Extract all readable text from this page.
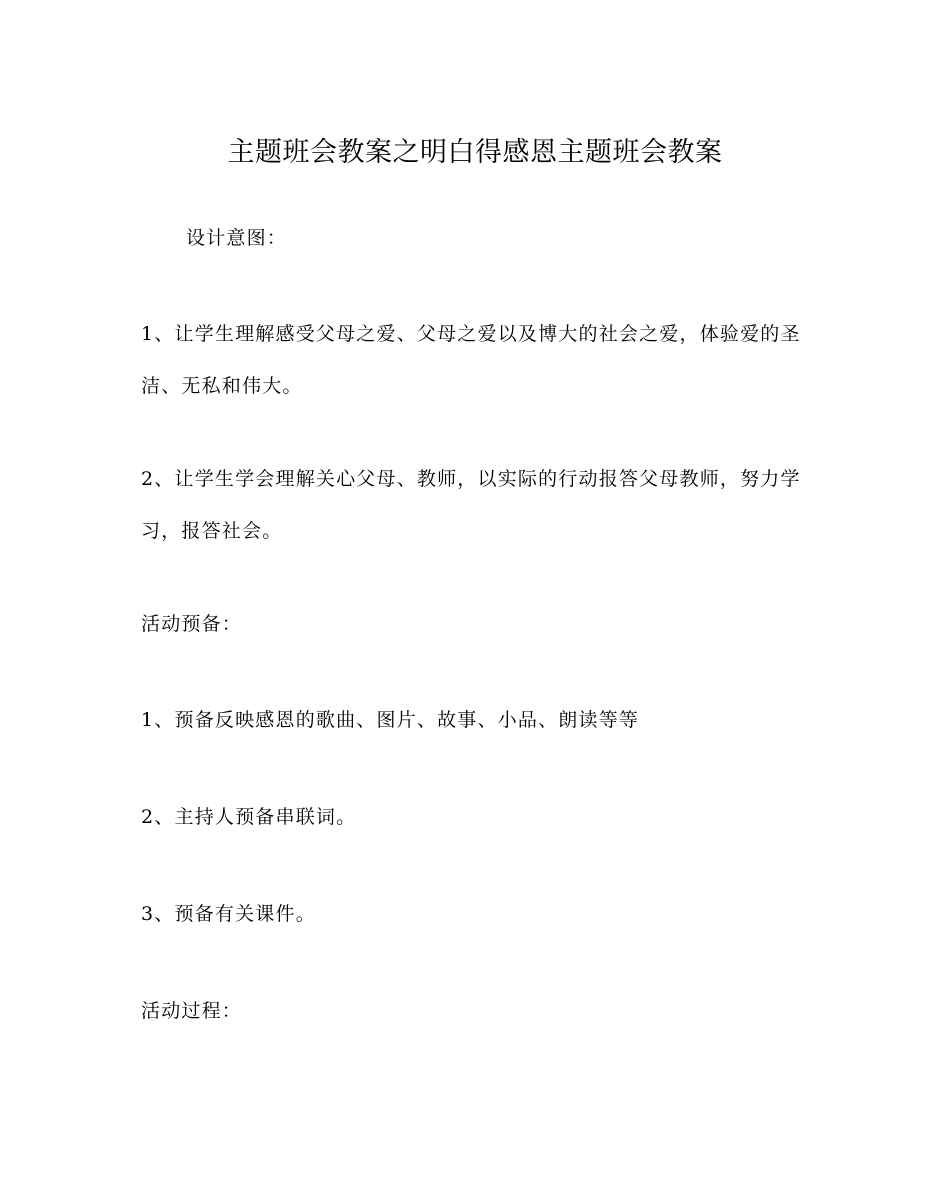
主题班会教案之明白得感恩主题班会教案

设计意图：

1、让学生理解感受父母之爱、父母之爱以及博大的社会之爱，体验爱的圣洁、无私和伟大。

2、让学生学会理解关心父母、教师，以实际的行动报答父母教师，努力学习，报答社会。

活动预备：

1、预备反映感恩的歌曲、图片、故事、小品、朗读等等

2、主持人预备串联词。

3、预备有关课件。

活动过程：
